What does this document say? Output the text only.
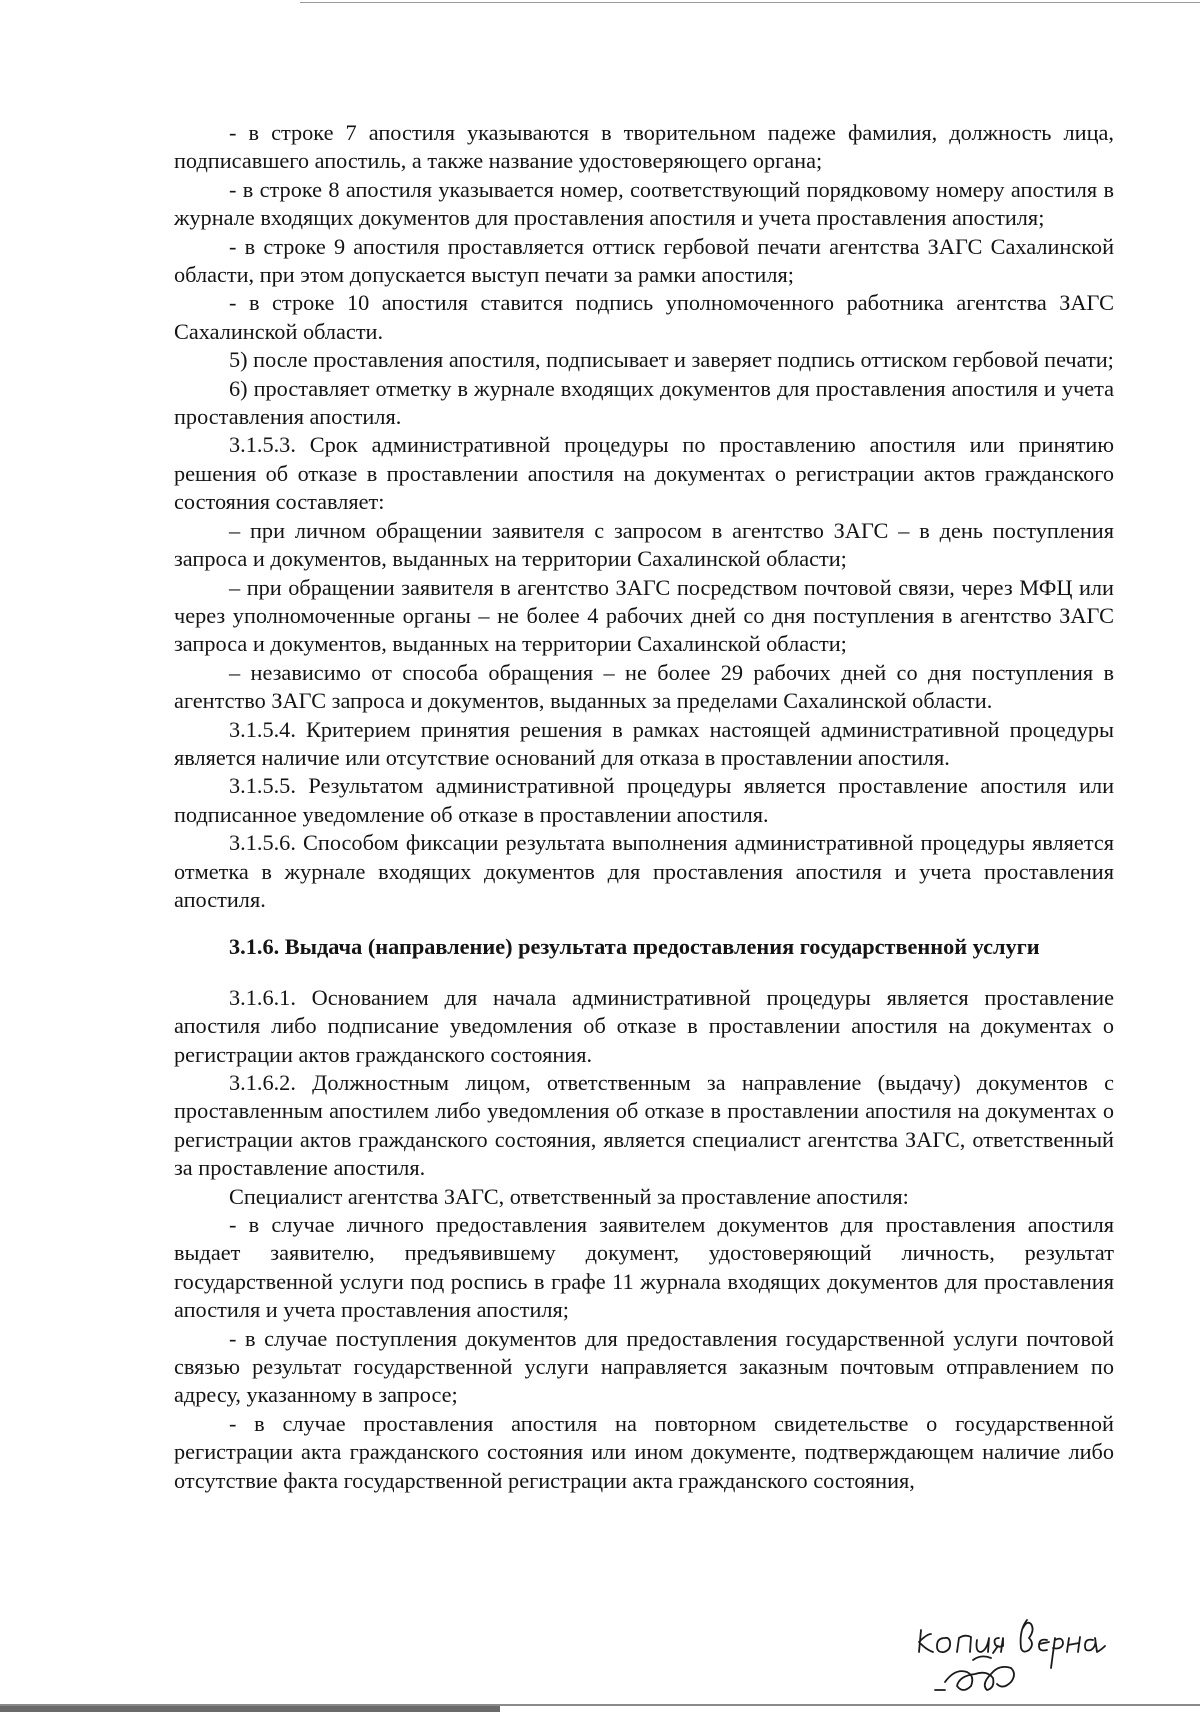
- в строке 7 апостиля указываются в творительном падеже фамилия, должность лица, подписавшего апостиль, а также название удостоверяющего органа;

- в строке 8 апостиля указывается номер, соответствующий порядковому номеру апостиля в журнале входящих документов для проставления апостиля и учета проставления апостиля;

- в строке 9 апостиля проставляется оттиск гербовой печати агентства ЗАГС Сахалинской области, при этом допускается выступ печати за рамки апостиля;

- в строке 10 апостиля ставится подпись уполномоченного работника агентства ЗАГС Сахалинской области.

5) после проставления апостиля, подписывает и заверяет подпись оттиском гербовой печати;

6) проставляет отметку в журнале входящих документов для проставления апостиля и учета проставления апостиля.

3.1.5.3. Срок административной процедуры по проставлению апостиля или принятию решения об отказе в проставлении апостиля на документах о регистрации актов гражданского состояния составляет:

– при личном обращении заявителя с запросом в агентство ЗАГС – в день поступления запроса и документов, выданных на территории Сахалинской области;

– при обращении заявителя в агентство ЗАГС посредством почтовой связи, через МФЦ или через уполномоченные органы – не более 4 рабочих дней со дня поступления в агентство ЗАГС запроса и документов, выданных на территории Сахалинской области;

– независимо от способа обращения – не более 29 рабочих дней со дня поступления в агентство ЗАГС запроса и документов, выданных за пределами Сахалинской области.

3.1.5.4. Критерием принятия решения в рамках настоящей административной процедуры является наличие или отсутствие оснований для отказа в проставлении апостиля.

3.1.5.5. Результатом административной процедуры является проставление апостиля или подписанное уведомление об отказе в проставлении апостиля.

3.1.5.6. Способом фиксации результата выполнения административной процедуры является отметка в журнале входящих документов для проставления апостиля и учета проставления апостиля.

3.1.6. Выдача (направление) результата предоставления государственной услуги

3.1.6.1. Основанием для начала административной процедуры является проставление апостиля либо подписание уведомления об отказе в проставлении апостиля на документах о регистрации актов гражданского состояния.

3.1.6.2. Должностным лицом, ответственным за направление (выдачу) документов с проставленным апостилем либо уведомления об отказе в проставлении апостиля на документах о регистрации актов гражданского состояния, является специалист агентства ЗАГС, ответственный за проставление апостиля.

Специалист агентства ЗАГС, ответственный за проставление апостиля:

- в случае личного предоставления заявителем документов для проставления апостиля выдает заявителю, предъявившему документ, удостоверяющий личность, результат государственной услуги под роспись в графе 11 журнала входящих документов для проставления апостиля и учета проставления апостиля;

- в случае поступления документов для предоставления государственной услуги почтовой связью результат государственной услуги направляется заказным почтовым отправлением по адресу, указанному в запросе;

- в случае проставления апостиля на повторном свидетельстве о государственной регистрации акта гражданского состояния или ином документе, подтверждающем наличие либо отсутствие факта государственной регистрации акта гражданского состояния,
